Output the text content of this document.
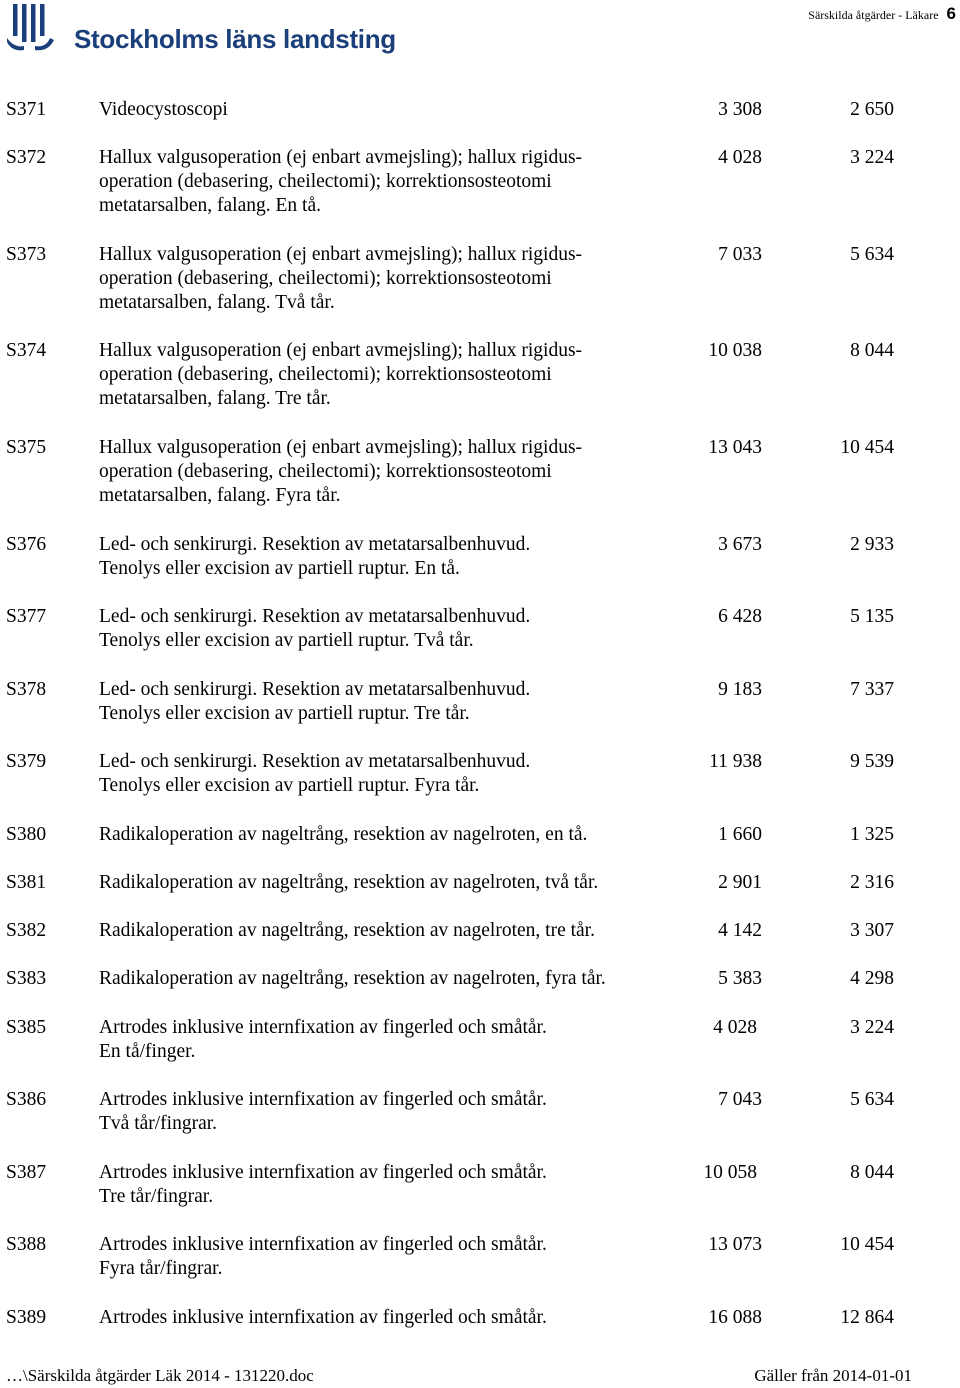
Stockholms läns landsting
Särskilda åtgärder - Läkare 6
S371	Videocystoscopi	3 308	2 650
S372	Hallux valgusoperation (ej enbart avmejsling); hallux rigidus-
operation (debasering, cheilectomi); korrektionsosteotomi
metatarsalben, falang. En tå.
4 028	3 224
S373	Hallux valgusoperation (ej enbart avmejsling); hallux rigidus-
operation (debasering, cheilectomi); korrektionsosteotomi
metatarsalben, falang. Två tår.
7 033	5 634
S374	Hallux valgusoperation (ej enbart avmejsling); hallux rigidus-
operation (debasering, cheilectomi); korrektionsosteotomi
metatarsalben, falang. Tre tår.
10 038	8 044
S375	Hallux valgusoperation (ej enbart avmejsling); hallux rigidus-
operation (debasering, cheilectomi); korrektionsosteotomi
metatarsalben, falang. Fyra tår.
13 043	10 454
S376	Led- och senkirurgi. Resektion av metatarsalbenhuvud.
Tenolys eller excision av partiell ruptur. En tå.
3 673	2 933
S377	Led- och senkirurgi. Resektion av metatarsalbenhuvud.
Tenolys eller excision av partiell ruptur. Två tår.
6 428	5 135
S378	Led- och senkirurgi. Resektion av metatarsalbenhuvud.
Tenolys eller excision av partiell ruptur. Tre tår.
9 183	7 337
S379	Led- och senkirurgi. Resektion av metatarsalbenhuvud.
Tenolys eller excision av partiell ruptur. Fyra tår.
11 938	9 539
S380	Radikaloperation av nageltrång, resektion av nagelroten, en tå.	1 660	1 325
S381	Radikaloperation av nageltrång, resektion av nagelroten, två tår.	2 901	2 316
S382	Radikaloperation av nageltrång, resektion av nagelroten, tre tår.	4 142	3 307
S383	Radikaloperation av nageltrång, resektion av nagelroten, fyra tår.	5 383	4 298
S385	Artrodes inklusive internfixation av fingerled och småtår.
En tå/finger.
4 028	3 224
S386	Artrodes inklusive internfixation av fingerled och småtår.
Två tår/fingrar.
7 043	5 634
S387	Artrodes inklusive internfixation av fingerled och småtår.
Tre tår/fingrar.
10 058	8 044
S388	Artrodes inklusive internfixation av fingerled och småtår.
Fyra tår/fingrar.
13 073	10 454
S389	Artrodes inklusive internfixation av fingerled och småtår.	16 088	12 864
…\Särskilda åtgärder Läk 2014 - 131220.doc	Gäller från 2014-01-01
